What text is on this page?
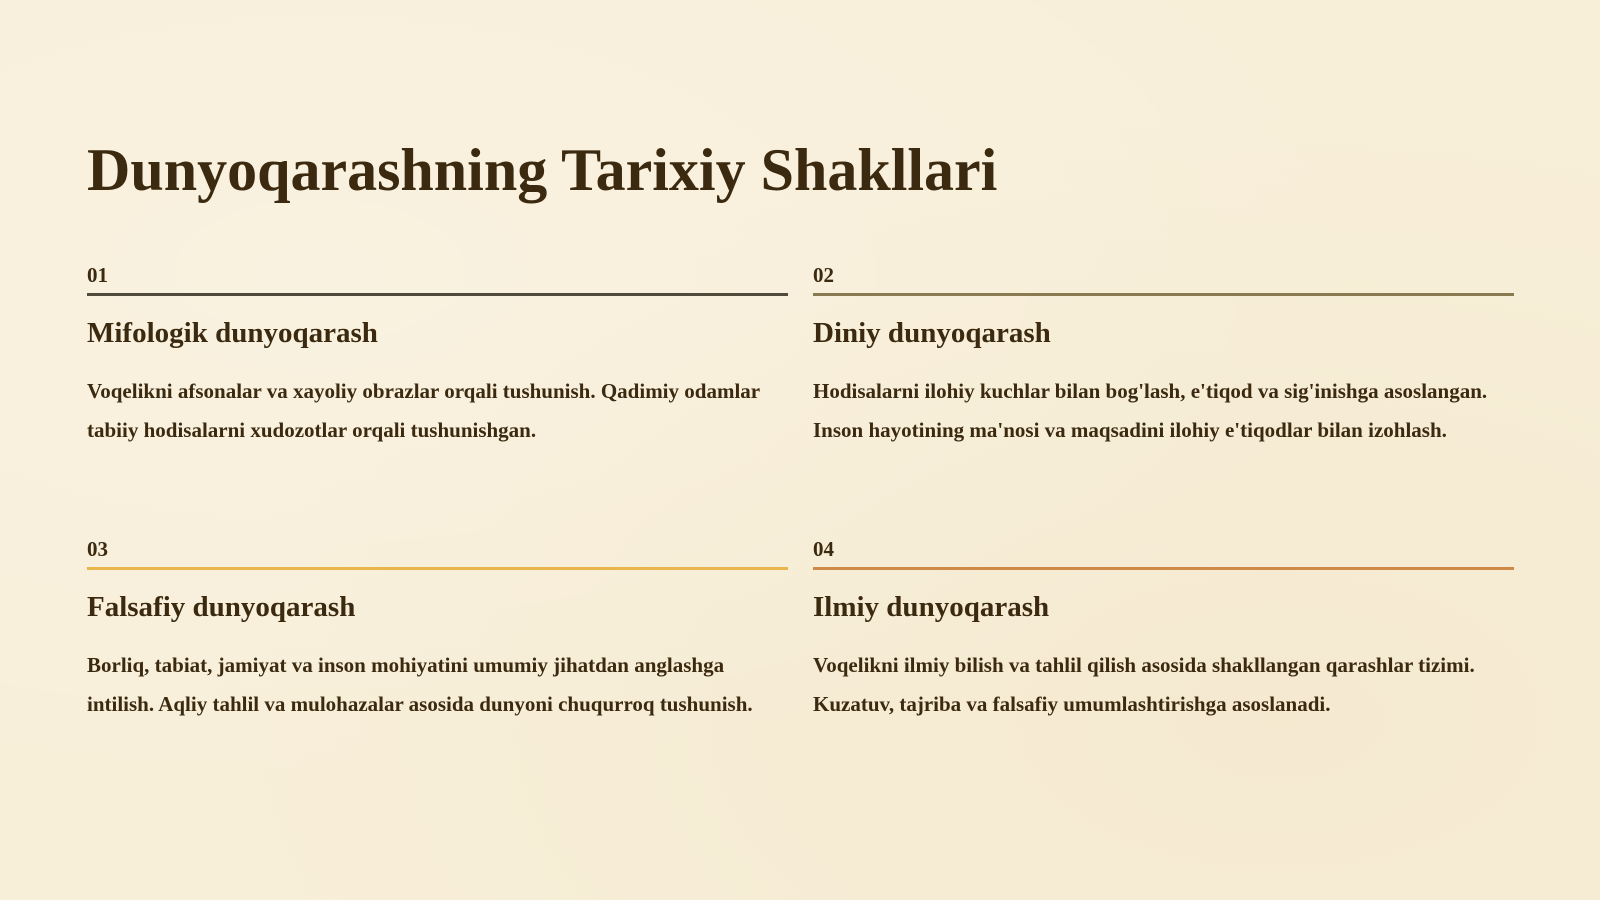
Dunyoqarashning Tarixiy Shakllari
01
Mifologik dunyoqarash

Voqelikni afsonalar va xayoliy obrazlar orqali tushunish. Qadimiy odamlar tabiiy hodisalarni xudozotlar orqali tushunishgan.

02
Diniy dunyoqarash

Hodisalarni ilohiy kuchlar bilan bog'lash, e'tiqod va sig'inishga asoslangan. Inson hayotining ma'nosi va maqsadini ilohiy e'tiqodlar bilan izohlash.

03
Falsafiy dunyoqarash

Borliq, tabiat, jamiyat va inson mohiyatini umumiy jihatdan anglashga intilish. Aqliy tahlil va mulohazalar asosida dunyoni chuqurroq tushunish.

04
Ilmiy dunyoqarash

Voqelikni ilmiy bilish va tahlil qilish asosida shakllangan qarashlar tizimi. Kuzatuv, tajriba va falsafiy umumlashtirishga asoslanadi.
